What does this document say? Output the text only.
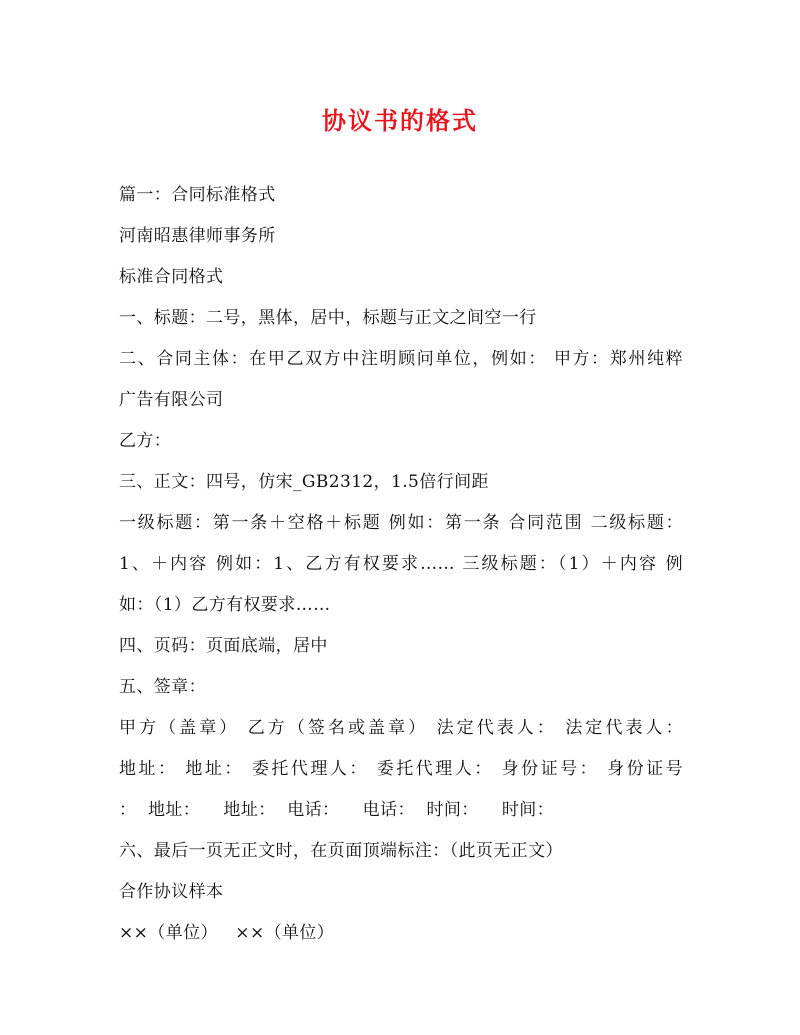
协议书的格式

篇一：合同标准格式

河南昭惠律师事务所

标准合同格式

一、标题：二号，黑体，居中，标题与正文之间空一行

二、合同主体：在甲乙双方中注明顾问单位，例如： 甲方：郑州纯粹

广告有限公司

乙方：

三、正文：四号，仿宋_GB2312，1.5倍行间距

一级标题：第一条＋空格＋标题 例如：第一条 合同范围 二级标题：

1、＋内容 例如：1、乙方有权要求…… 三级标题：（1）＋内容 例

如：（1）乙方有权要求……

四、页码：页面底端，居中

五、签章：

甲方（盖章） 乙方（签名或盖章） 法定代表人： 法定代表人：

地址： 地址： 委托代理人： 委托代理人： 身份证号： 身份证号

：  地址：    地址：  电话：    电话：  时间：    时间：

六、最后一页无正文时，在页面顶端标注：（此页无正文）

合作协议样本

××（单位）   ××（单位）
